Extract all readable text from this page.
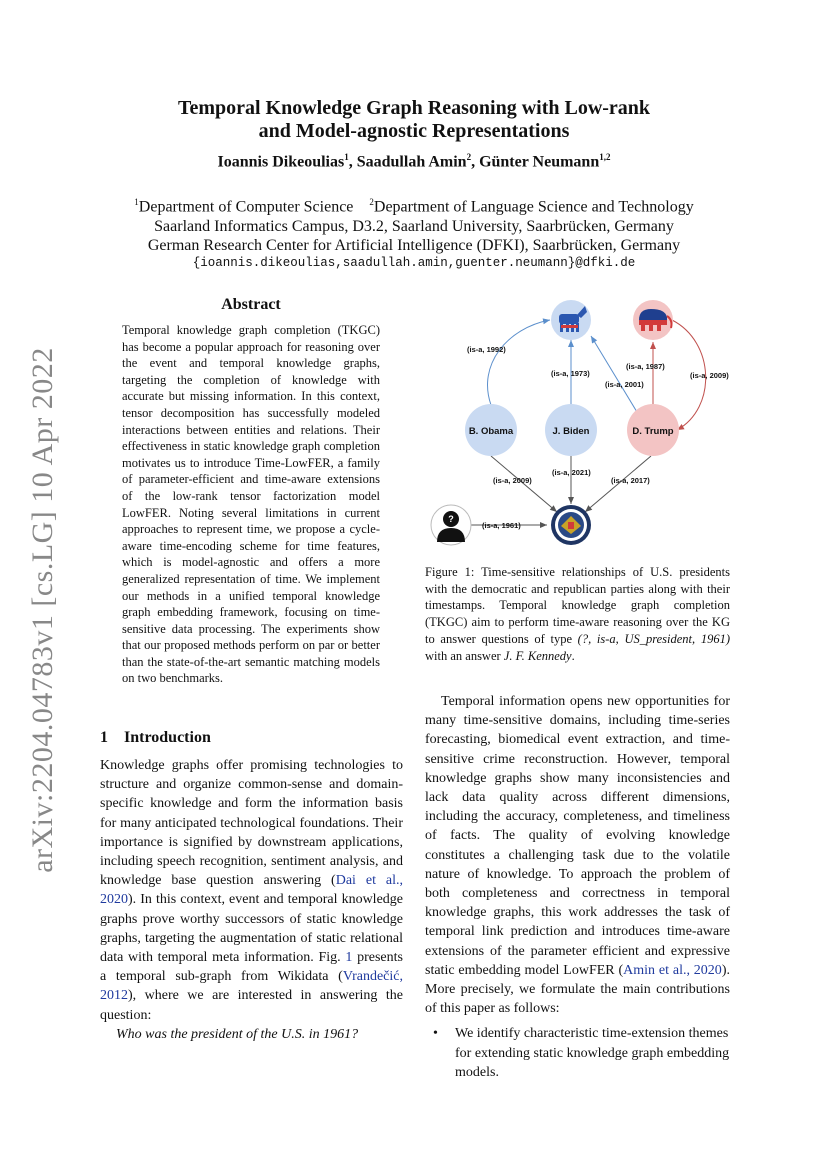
arXiv:2204.04783v1 [cs.LG] 10 Apr 2022
Temporal Knowledge Graph Reasoning with Low-rank
and Model-agnostic Representations
Ioannis Dikeoulias$^1$, Saadullah Amin$^2$, Günter Neumann$^{1,2}$
$^1$Department of Computer Science $^2$Department of Language Science and Technology
Saarland Informatics Campus, D3.2, Saarland University, Saarbrücken, Germany
German Research Center for Artificial Intelligence (DFKI), Saarbrücken, Germany
{ioannis.dikeoulias,saadullah.amin,guenter.neumann}@dfki.de
Abstract
Temporal knowledge graph completion (TKGC) has become a popular approach for reasoning over the event and temporal knowledge graphs, targeting the completion of knowledge with accurate but missing information. In this context, tensor decomposition has successfully modeled interactions between entities and relations. Their effectiveness in static knowledge graph completion motivates us to introduce Time-LowFER, a family of parameter-efficient and time-aware extensions of the low-rank tensor factorization model LowFER. Noting several limitations in current approaches to represent time, we propose a cycle-aware time-encoding scheme for time features, which is model-agnostic and offers a more generalized representation of time. We implement our methods in a unified temporal knowledge graph embedding framework, focusing on time-sensitive data processing. The experiments show that our proposed methods perform on par or better than the state-of-the-art semantic matching models on two benchmarks.
1 Introduction

Knowledge graphs offer promising technologies to structure and organize common-sense and domain-specific knowledge and form the information basis for many anticipated technological foundations. Their importance is signified by downstream applications, including speech recognition, sentiment analysis, and knowledge base question answering (Dai et al., 2020). In this context, event and temporal knowledge graphs prove worthy successors of static knowledge graphs, targeting the augmentation of static relational data with temporal meta information. Fig. 1 presents a temporal sub-graph from Wikidata (Vrandečić, 2012), where we are interested in answering the question:

Who was the president of the U.S. in 1961?

B. Obama	J. Biden	D. Trump
?
(is-a, 1992)
(is-a, 1973)
(is-a, 1987)
(is-a, 2009)
(is-a, 2001)
(is-a, 2021)
(is-a, 2009)	(is-a, 2017)
(is-a, 1961)
Figure 1: Time-sensitive relationships of U.S. presidents with the democratic and republican parties along with their timestamps. Temporal knowledge graph completion (TKGC) aim to perform time-aware reasoning over the KG to answer questions of type (?, is-a, US_president, 1961) with an answer J. F. Kennedy.

Temporal information opens new opportunities for many time-sensitive domains, including time-series forecasting, biomedical event extraction, and time-sensitive crime reconstruction. However, temporal knowledge graphs show many inconsistencies and lack data quality across different dimensions, including the accuracy, completeness, and timeliness of facts. The quality of evolving knowledge constitutes a challenging task due to the volatile nature of knowledge. To approach the problem of both completeness and correctness in temporal knowledge graphs, this work addresses the task of temporal link prediction and introduces time-aware extensions of the parameter efficient and expressive static embedding model LowFER (Amin et al., 2020). More precisely, we formulate the main contributions of this paper as follows:

•	We identify characteristic time-extension themes for extending static knowledge graph embedding models.
